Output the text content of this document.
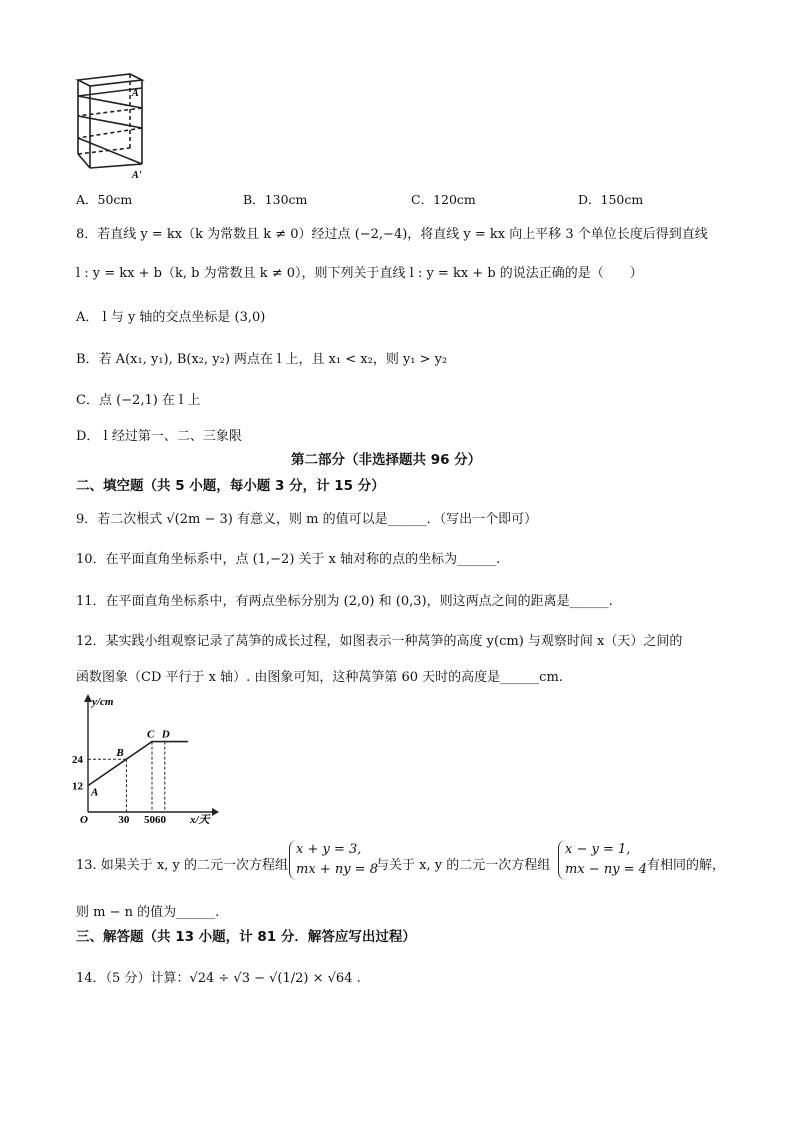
A
A'
A．50cm	B．130cm	C．120cm	D．150cm
8．若直线 y = kx（k 为常数且 k ≠ 0）经过点 (−2,−4)，将直线 y = kx 向上平移 3 个单位长度后得到直线
l : y = kx + b（k, b 为常数且 k ≠ 0），则下列关于直线 l : y = kx + b 的说法正确的是（　　）
A． l 与 y 轴的交点坐标是 (3,0)
B．若 A(x₁, y₁), B(x₂, y₂) 两点在 l 上，且 x₁ < x₂，则 y₁ > y₂
C．点 (−2,1) 在 l 上
D． l 经过第一、二、三象限
第二部分（非选择题共 96 分）
二、填空题（共 5 小题，每小题 3 分，计 15 分）
9．若二次根式 √(2m − 3) 有意义，则 m 的值可以是______．（写出一个即可）
10．在平面直角坐标系中，点 (1,−2) 关于 x 轴对称的点的坐标为______.
11．在平面直角坐标系中，有两点坐标分别为 (2,0) 和 (0,3)，则这两点之间的距离是______.
12．某实践小组观察记录了莴笋的成长过程，如图表示一种莴笋的高度 y(cm) 与观察时间 x（天）之间的
函数图象（CD 平行于 x 轴）. 由图象可知，这种莴笋第 60 天时的高度是______cm.
y/cm
x/天
O
12
24
30 5060
A
B
C D
13. 如果关于 x, y 的二元一次方程组
x + y = 3,
mx + ny = 8
与关于 x, y 的二元一次方程组
x − y = 1,
mx − ny = 4 有相同的解，
则 m − n 的值为______.
三、解答题（共 13 小题，计 81 分．解答应写出过程）
14．（5 分）计算：√24 ÷ √3 − √(1/2) × √64 .
